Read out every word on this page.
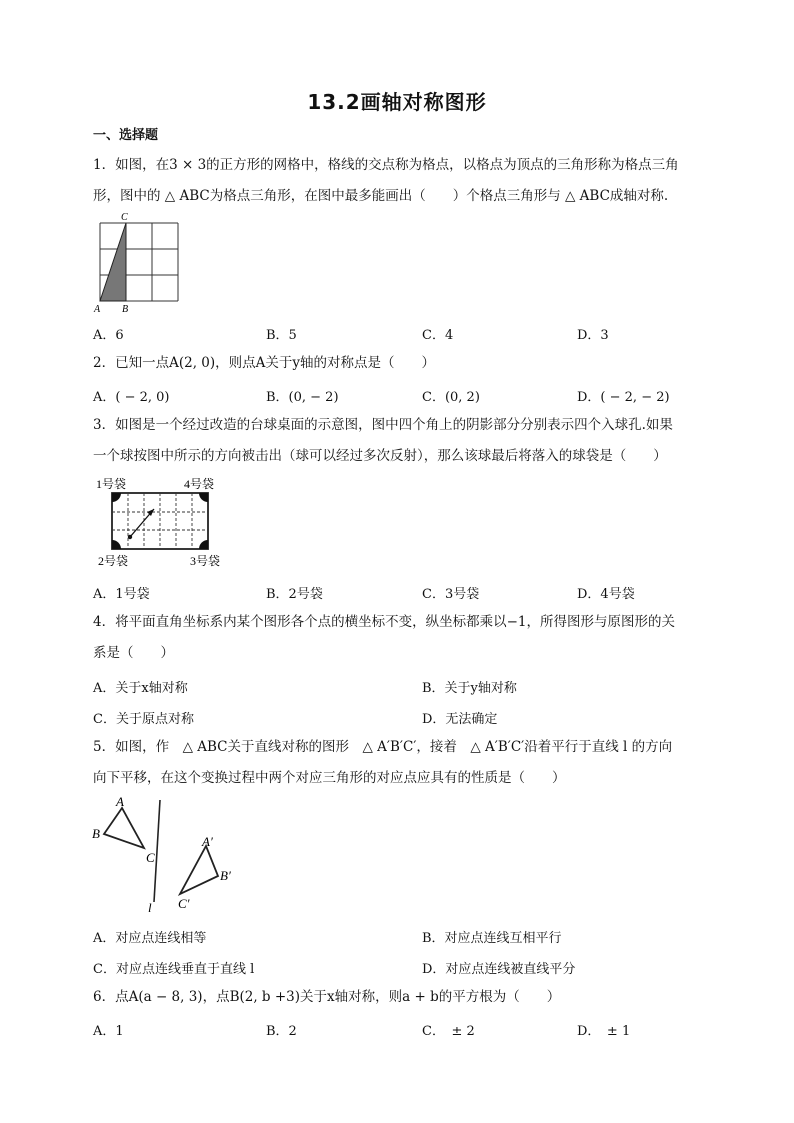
13.2画轴对称图形
一、选择题
1．如图，在3 × 3的正方形的网格中，格线的交点称为格点，以格点为顶点的三角形称为格点三角
形，图中的 △ ABC为格点三角形，在图中最多能画出（　　）个格点三角形与 △ ABC成轴对称.
C
A B
A．6	B．5	C．4	D．3
2．已知一点A(2, 0)，则点A关于y轴的对称点是（　　）
A．( − 2, 0)	B．(0, − 2)	C．(0, 2)	D．( − 2, − 2)
3．如图是一个经过改造的台球桌面的示意图，图中四个角上的阴影部分分别表示四个入球孔.如果
一个球按图中所示的方向被击出（球可以经过多次反射），那么该球最后将落入的球袋是（　　）
1号袋	4号袋
2号袋	3号袋
A．1号袋	B．2号袋	C．3号袋	D．4号袋
4．将平面直角坐标系内某个图形各个点的横坐标不变，纵坐标都乘以−1，所得图形与原图形的关
系是（　　）
A．关于x轴对称	B．关于y轴对称
C．关于原点对称	D．无法确定
5．如图，作　△ ABC关于直线对称的图形　△ A′B′C′，接着　△ A′B′C′沿着平行于直线 l 的方向
向下平移，在这个变换过程中两个对应三角形的对应点应具有的性质是（　　）
A
B
C
A′
B′
C′
l
A．对应点连线相等	B．对应点连线互相平行
C．对应点连线垂直于直线 l	D．对应点连线被直线平分
6．点A(a − 8, 3)，点B(2, b +3)关于x轴对称，则a + b的平方根为（　　）
A．1	B．2	C．　± 2	D．　± 1
